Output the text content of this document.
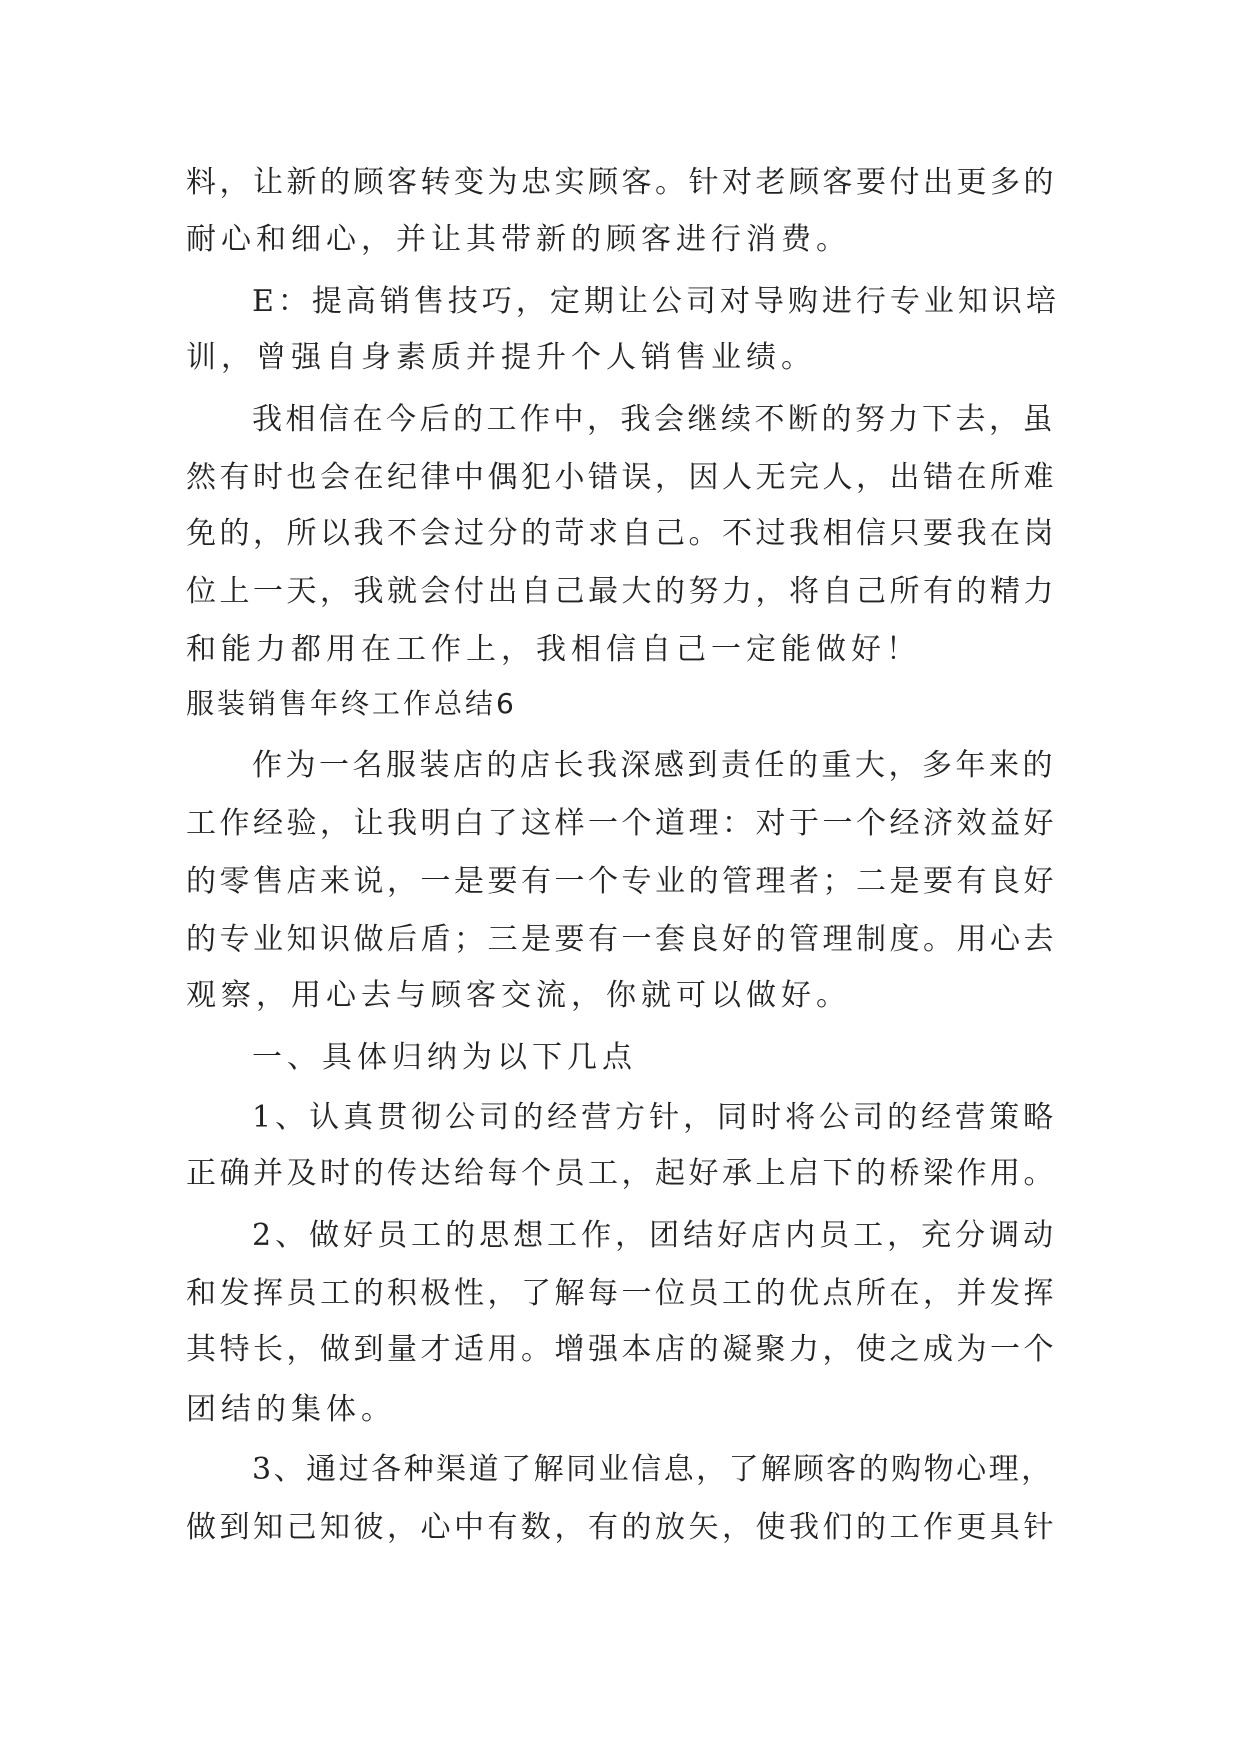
料，让新的顾客转变为忠实顾客。针对老顾客要付出更多的
耐心和细心，并让其带新的顾客进行消费。
E：提高销售技巧，定期让公司对导购进行专业知识培
训，曾强自身素质并提升个人销售业绩。
我相信在今后的工作中，我会继续不断的努力下去，虽
然有时也会在纪律中偶犯小错误，因人无完人，出错在所难
免的，所以我不会过分的苛求自己。不过我相信只要我在岗
位上一天，我就会付出自己最大的努力，将自己所有的精力
和能力都用在工作上，我相信自己一定能做好！
服装销售年终工作总结6
作为一名服装店的店长我深感到责任的重大，多年来的
工作经验，让我明白了这样一个道理：对于一个经济效益好
的零售店来说，一是要有一个专业的管理者；二是要有良好
的专业知识做后盾；三是要有一套良好的管理制度。用心去
观察，用心去与顾客交流，你就可以做好。
一、具体归纳为以下几点
1、认真贯彻公司的经营方针，同时将公司的经营策略
正确并及时的传达给每个员工，起好承上启下的桥梁作用。
2、做好员工的思想工作，团结好店内员工，充分调动
和发挥员工的积极性，了解每一位员工的优点所在，并发挥
其特长，做到量才适用。增强本店的凝聚力，使之成为一个
团结的集体。
3、通过各种渠道了解同业信息，了解顾客的购物心理，
做到知己知彼，心中有数，有的放矢，使我们的工作更具针
